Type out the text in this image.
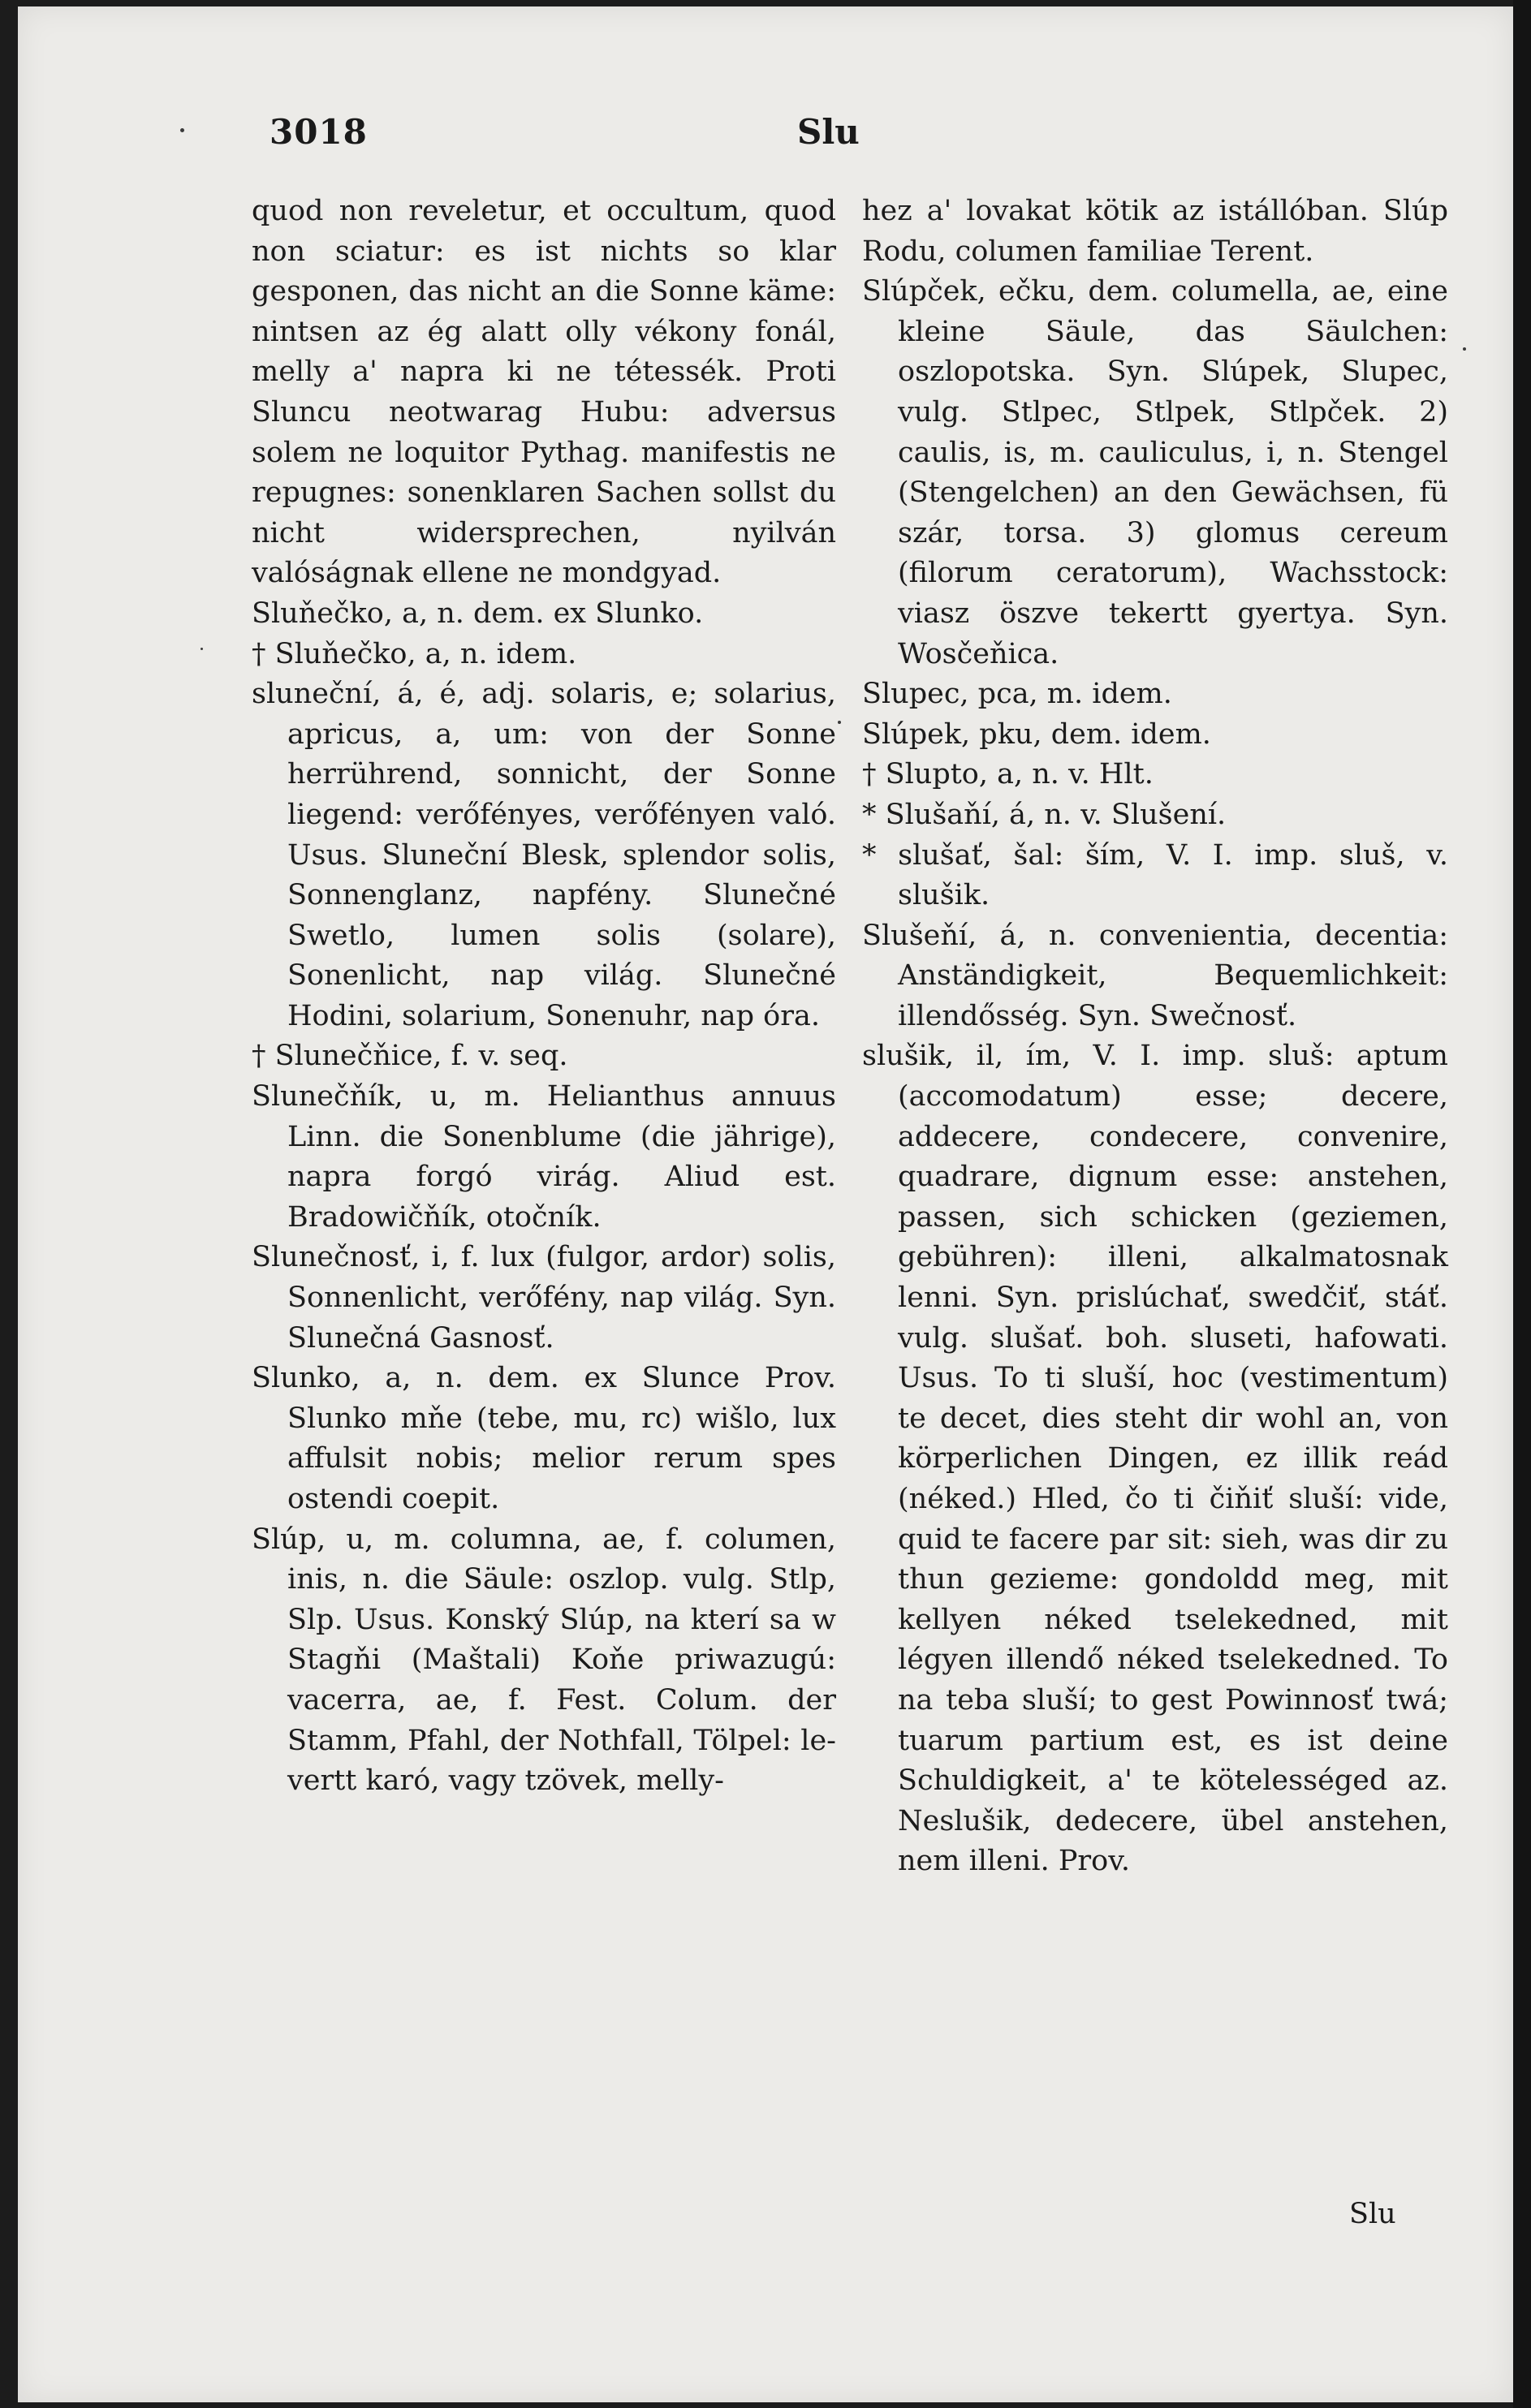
3018	Slu

quod non reveletur, et occultum, quod non sciatur: es ist nichts so klar gesponen, das nicht an die Sonne käme: nintsen az ég alatt olly vékony fonál, melly a' napra ki ne tétessék. Proti Sluncu neotwarag Hubu: adversus solem ne loquitor Pythag. manifestis ne repugnes: sonenklaren Sachen sollst du nicht widersprechen, nyilván valóságnak ellene ne mondgyad.

Sluňečko, a, n. dem. ex Slunko.

† Sluňečko, a, n. idem.

sluneční, á, é, adj. solaris, e; solarius, apricus, a, um: von der Sonne herrührend, sonnicht, der Sonne liegend: verőfényes, verőfényen való. Usus. Sluneční Blesk, splendor solis, Sonnenglanz, napfény. Slunečné Swetlo, lumen solis (solare), Sonenlicht, nap világ. Slunečné Hodini, solarium, Sonenuhr, nap óra.

† Slunečňice, f. v. seq.

Slunečňík, u, m. Helianthus annuus Linn. die Sonenblume (die jährige), napra forgó virág. Aliud est. Bradowičňík, otočník.

Slunečnosť, i, f. lux (fulgor, ardor) solis, Sonnenlicht, verőfény, nap világ. Syn. Slunečná Gasnosť.

Slunko, a, n. dem. ex Slunce Prov. Slunko mňe (tebe, mu, rc) wišlo, lux affulsit nobis; melior rerum spes ostendi coepit.

Slúp, u, m. columna, ae, f. columen, inis, n. die Säule: oszlop. vulg. Stlp, Slp. Usus. Konský Slúp, na kterí sa w Stagňi (Maštali) Koňe priwazugú: vacerra, ae, f. Fest. Colum. der Stamm, Pfahl, der Nothfall, Tölpel: le-vertt karó, vagy tzövek, melly-

hez a' lovakat kötik az istállóban. Slúp Rodu, columen familiae Terent.

Slúpček, ečku, dem. columella, ae, eine kleine Säule, das Säulchen: oszlopotska. Syn. Slúpek, Slupec, vulg. Stlpec, Stlpek, Stlpček. 2) caulis, is, m. cauliculus, i, n. Stengel (Stengelchen) an den Gewächsen, fü szár, torsa. 3) glomus cereum (filorum ceratorum), Wachsstock: viasz öszve tekertt gyertya. Syn. Wosčeňica.

Slupec, pca, m. idem.

Slúpek, pku, dem. idem.

† Slupto, a, n. v. Hlt.

* Slušaňí, á, n. v. Slušení.

* slušať, šal: ším, V. I. imp. sluš, v. slušik.

Slušeňí, á, n. convenientia, decentia: Anständigkeit, Bequemlichkeit: illendősség. Syn. Swečnosť.

slušik, il, ím, V. I. imp. sluš: aptum (accomodatum) esse; decere, addecere, condecere, convenire, quadrare, dignum esse: anstehen, passen, sich schicken (geziemen, gebühren): illeni, alkalmatosnak lenni. Syn. prislúchať, swedčiť, stáť. vulg. slušať. boh. sluseti, hafowati. Usus. To ti sluší, hoc (vestimentum) te decet, dies steht dir wohl an, von körperlichen Dingen, ez illik reád (néked.) Hled, čo ti čiňiť sluší: vide, quid te facere par sit: sieh, was dir zu thun gezieme: gondoldd meg, mit kellyen néked tselekedned, mit légyen illendő néked tselekedned. To na teba sluší; to gest Powinnosť twá; tuarum partium est, es ist deine Schuldigkeit, a' te kötelességed az. Neslušik, dedecere, übel anstehen, nem illeni. Prov.

Slu
